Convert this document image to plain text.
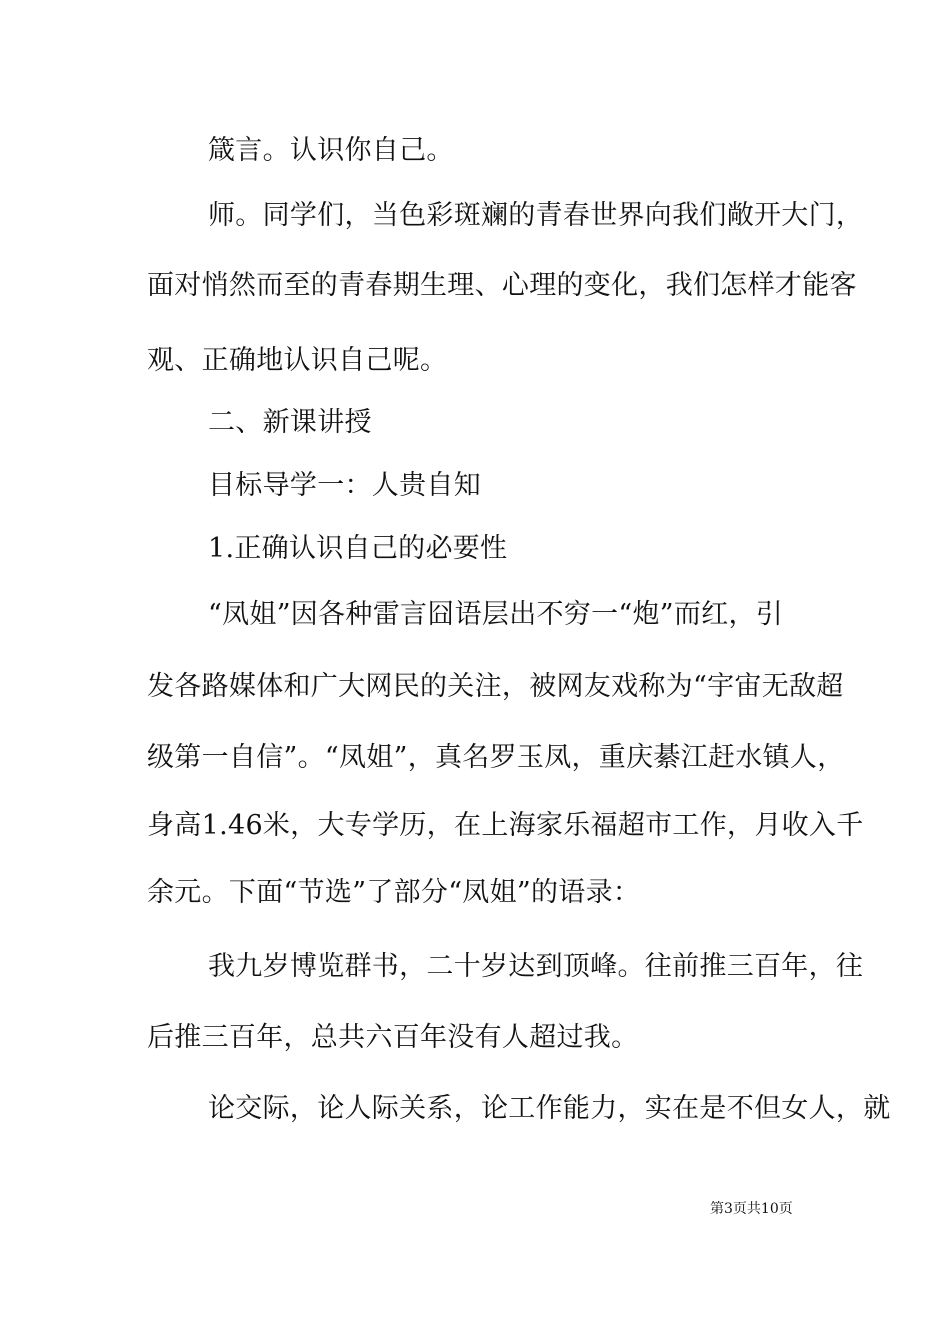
箴言。认识你自己。
师。同学们，当色彩斑斓的青春世界向我们敞开大门，
面对悄然而至的青春期生理、心理的变化，我们怎样才能客
观、正确地认识自己呢。
二、新课讲授
目标导学一：人贵自知
1.正确认识自己的必要性
“凤姐”因各种雷言囧语层出不穷一“炮”而红，引
发各路媒体和广大网民的关注，被网友戏称为“宇宙无敌超
级第一自信”。“凤姐”，真名罗玉凤，重庆綦江赶水镇人，
身高1.46米，大专学历，在上海家乐福超市工作，月收入千
余元。下面“节选”了部分“凤姐”的语录：
我九岁博览群书，二十岁达到顶峰。往前推三百年，往
后推三百年，总共六百年没有人超过我。
论交际，论人际关系，论工作能力，实在是不但女人，就
第3页共10页
